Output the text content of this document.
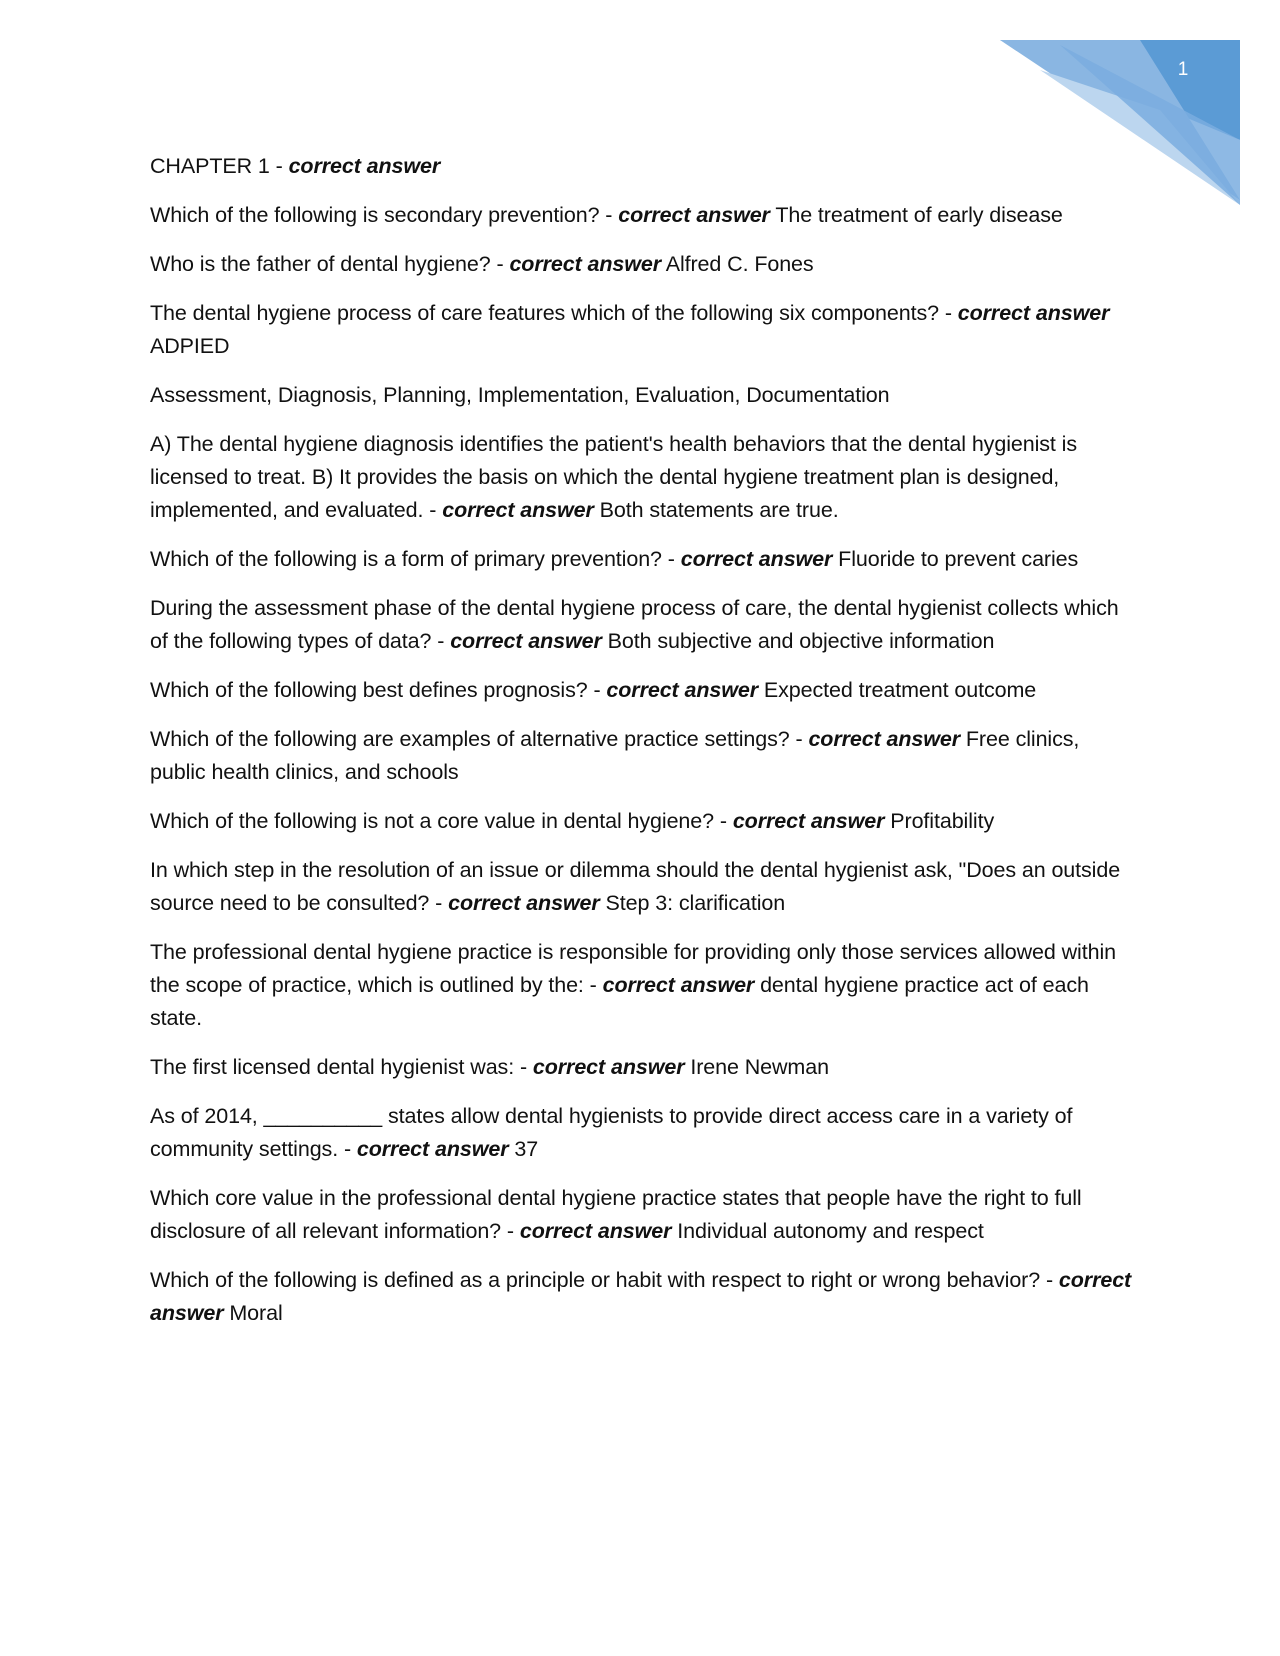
1

CHAPTER 1 - correct answer

Which of the following is secondary prevention? - correct answer The treatment of early disease

Who is the father of dental hygiene? - correct answer Alfred C. Fones

The dental hygiene process of care features which of the following six components? - correct answer ADPIED

Assessment, Diagnosis, Planning, Implementation, Evaluation, Documentation

A) The dental hygiene diagnosis identifies the patient's health behaviors that the dental hygienist is licensed to treat. B) It provides the basis on which the dental hygiene treatment plan is designed, implemented, and evaluated. - correct answer Both statements are true.

Which of the following is a form of primary prevention? - correct answer Fluoride to prevent caries

During the assessment phase of the dental hygiene process of care, the dental hygienist collects which of the following types of data? - correct answer Both subjective and objective information

Which of the following best defines prognosis? - correct answer Expected treatment outcome

Which of the following are examples of alternative practice settings? - correct answer Free clinics, public health clinics, and schools

Which of the following is not a core value in dental hygiene? - correct answer Profitability

In which step in the resolution of an issue or dilemma should the dental hygienist ask, "Does an outside source need to be consulted? - correct answer Step 3: clarification

The professional dental hygiene practice is responsible for providing only those services allowed within the scope of practice, which is outlined by the: - correct answer dental hygiene practice act of each state.

The first licensed dental hygienist was: - correct answer Irene Newman

As of 2014, __________ states allow dental hygienists to provide direct access care in a variety of community settings. - correct answer 37

Which core value in the professional dental hygiene practice states that people have the right to full disclosure of all relevant information? - correct answer Individual autonomy and respect

Which of the following is defined as a principle or habit with respect to right or wrong behavior? - correct answer Moral
